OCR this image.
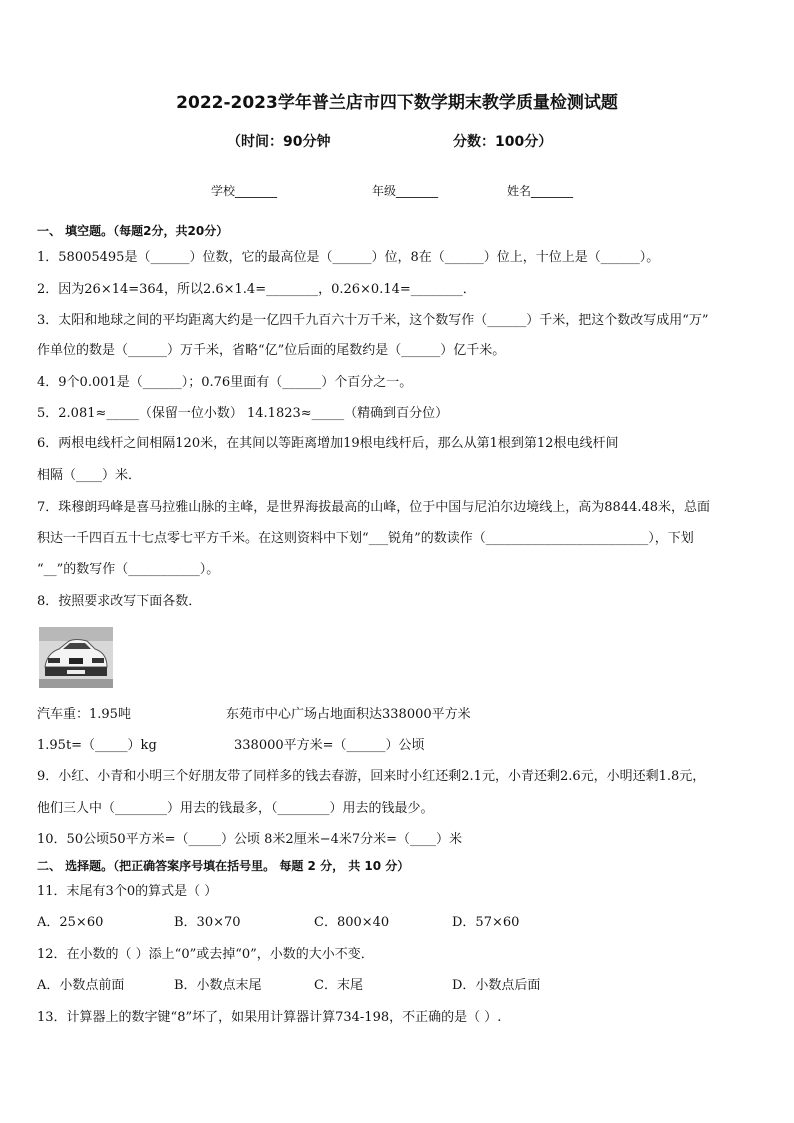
2022-2023学年普兰店市四下数学期末教学质量检测试题
（时间：90分钟	分数：100分）
学校_______	年级_______	姓名_______
一、 填空题。（每题2分，共20分）
1．58005495是（______）位数，它的最高位是（______）位，8在（______）位上，十位上是（______）。
2．因为26×14=364，所以2.6×1.4=________，0.26×0.14=________．
3．太阳和地球之间的平均距离大约是一亿四千九百六十万千米，这个数写作（______）千米，把这个数改写成用“万”
作单位的数是（______）万千米，省略“亿”位后面的尾数约是（______）亿千米。
4．9个0.001是（______）；0.76里面有（______）个百分之一。
5．2.081≈_____（保留一位小数） 14.1823≈_____（精确到百分位）
6．两根电线杆之间相隔120米，在其间以等距离增加19根电线杆后，那么从第1根到第12根电线杆间
相隔（____）米．
7．珠穆朗玛峰是喜马拉雅山脉的主峰，是世界海拔最高的山峰，位于中国与尼泊尔边境线上，高为8844.48米，总面
积达一千四百五十七点零七平方千米。在这则资料中下划“___锐角”的数读作（_________________________），下划
“__”的数写作（___________）。
8．按照要求改写下面各数．
汽车重：1.95吨	东苑市中心广场占地面积达338000平方米
1.95t=（_____）kg	338000平方米=（______）公顷
9．小红、小青和小明三个好朋友带了同样多的钱去春游，回来时小红还剩2.1元，小青还剩2.6元，小明还剩1.8元，
他们三人中（________）用去的钱最多，（________）用去的钱最少。
10．50公顷50平方米=（_____）公顷 8米2厘米−4米7分米=（____）米
二、 选择题。（把正确答案序号填在括号里。 每题 2 分， 共 10 分）
11．末尾有3个0的算式是（ ）
A．25×60	B．30×70	C．800×40	D．57×60
12．在小数的（ ）添上“0”或去掉“0”，小数的大小不变．
A．小数点前面	B．小数点末尾	C．末尾	D．小数点后面
13．计算器上的数字键“8”坏了，如果用计算器计算734-198，不正确的是（ ）.
